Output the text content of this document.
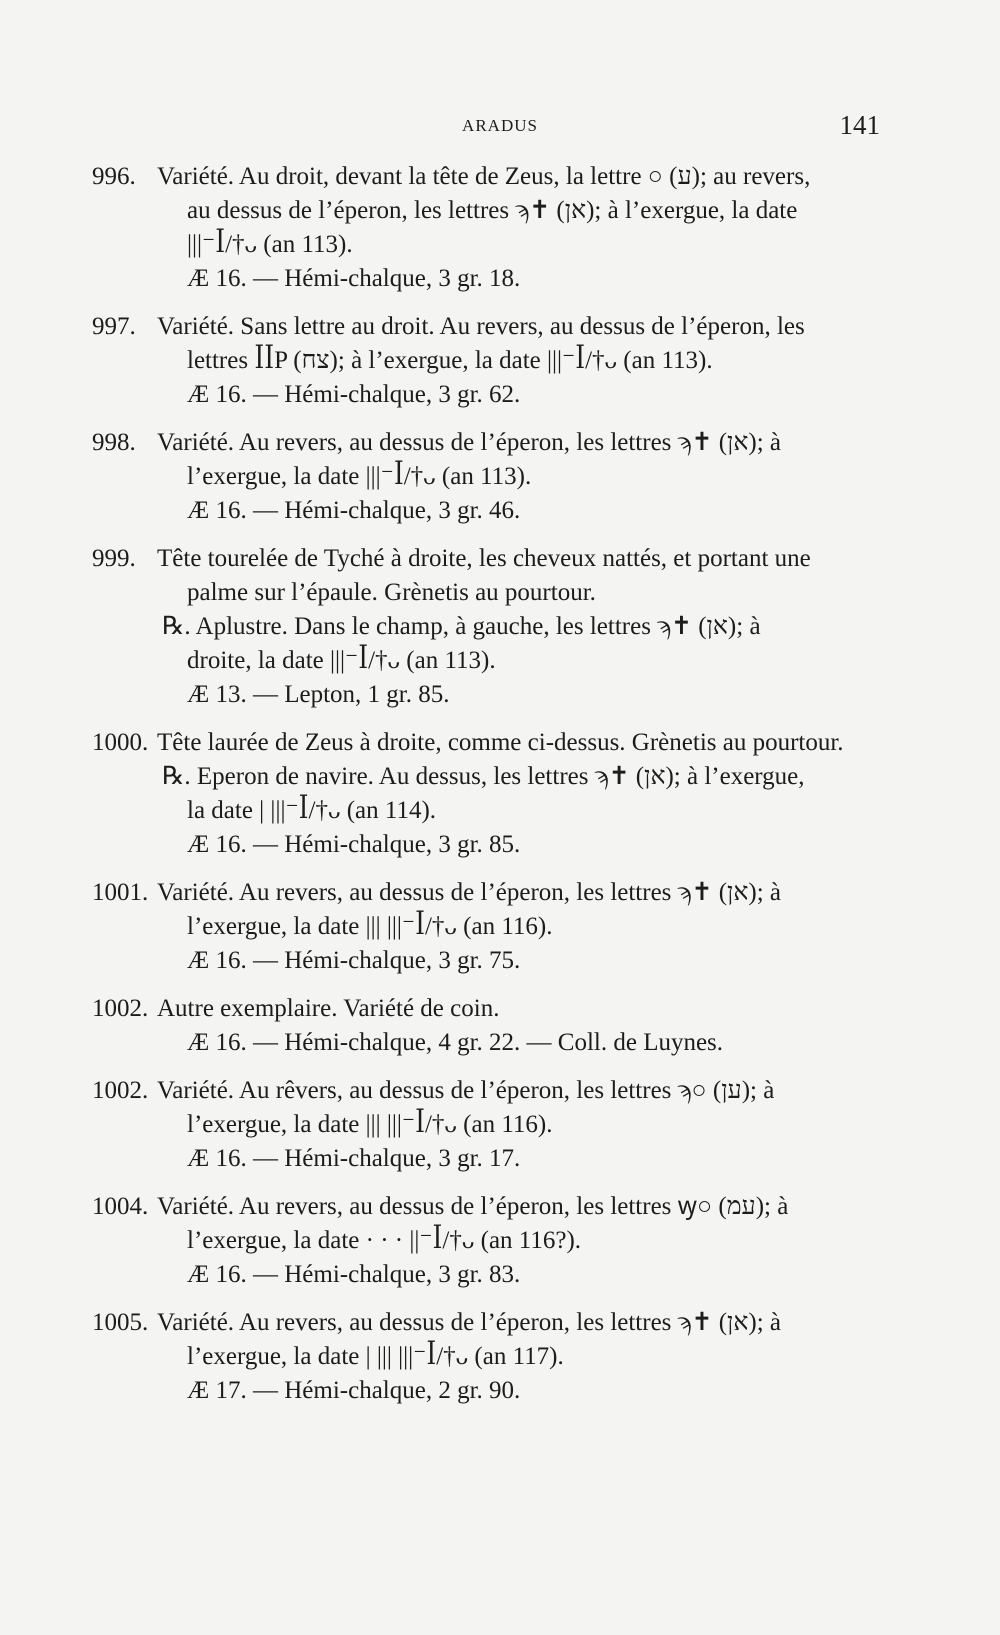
ARADUS	141
996. Variété. Au droit, devant la tête de Zeus, la lettre ○ (ע); au revers,
au dessus de l’éperon, les lettres ϡ✝ (אן); à l’exergue, la date
|||⁻ꟾ/†ᴗ (an 113).
Æ 16. — Hémi-chalque, 3 gr. 18.
997. Variété. Sans lettre au droit. Au revers, au dessus de l’éperon, les
lettres ꟾꟾP (צח); à l’exergue, la date |||⁻ꟾ/†ᴗ (an 113).
Æ 16. — Hémi-chalque, 3 gr. 62.
998. Variété. Au revers, au dessus de l’éperon, les lettres ϡ✝ (אן); à
l’exergue, la date |||⁻ꟾ/†ᴗ (an 113).
Æ 16. — Hémi-chalque, 3 gr. 46.
999. Tête tourelée de Tyché à droite, les cheveux nattés, et portant une
palme sur l’épaule. Grènetis au pourtour.
℞. Aplustre. Dans le champ, à gauche, les lettres ϡ✝ (אן); à
droite, la date |||⁻ꟾ/†ᴗ (an 113).
Æ 13. — Lepton, 1 gr. 85.
1000. Tête laurée de Zeus à droite, comme ci-dessus. Grènetis au pourtour.
℞. Eperon de navire. Au dessus, les lettres ϡ✝ (אן); à l’exergue,
la date | |||⁻ꟾ/†ᴗ (an 114).
Æ 16. — Hémi-chalque, 3 gr. 85.
1001. Variété. Au revers, au dessus de l’éperon, les lettres ϡ✝ (אן); à
l’exergue, la date ||| |||⁻ꟾ/†ᴗ (an 116).
Æ 16. — Hémi-chalque, 3 gr. 75.
1002. Autre exemplaire. Variété de coin.
Æ 16. — Hémi-chalque, 4 gr. 22. — Coll. de Luynes.
1002. Variété. Au rêvers, au dessus de l’éperon, les lettres ϡ○ (ען); à
l’exergue, la date ||| |||⁻ꟾ/†ᴗ (an 116).
Æ 16. — Hémi-chalque, 3 gr. 17.
1004. Variété. Au revers, au dessus de l’éperon, les lettres ꝡ○ (עמ); à
l’exergue, la date · · · ||⁻ꟾ/†ᴗ (an 116?).
Æ 16. — Hémi-chalque, 3 gr. 83.
1005. Variété. Au revers, au dessus de l’éperon, les lettres ϡ✝ (אן); à
l’exergue, la date | ||| |||⁻ꟾ/†ᴗ (an 117).
Æ 17. — Hémi-chalque, 2 gr. 90.
